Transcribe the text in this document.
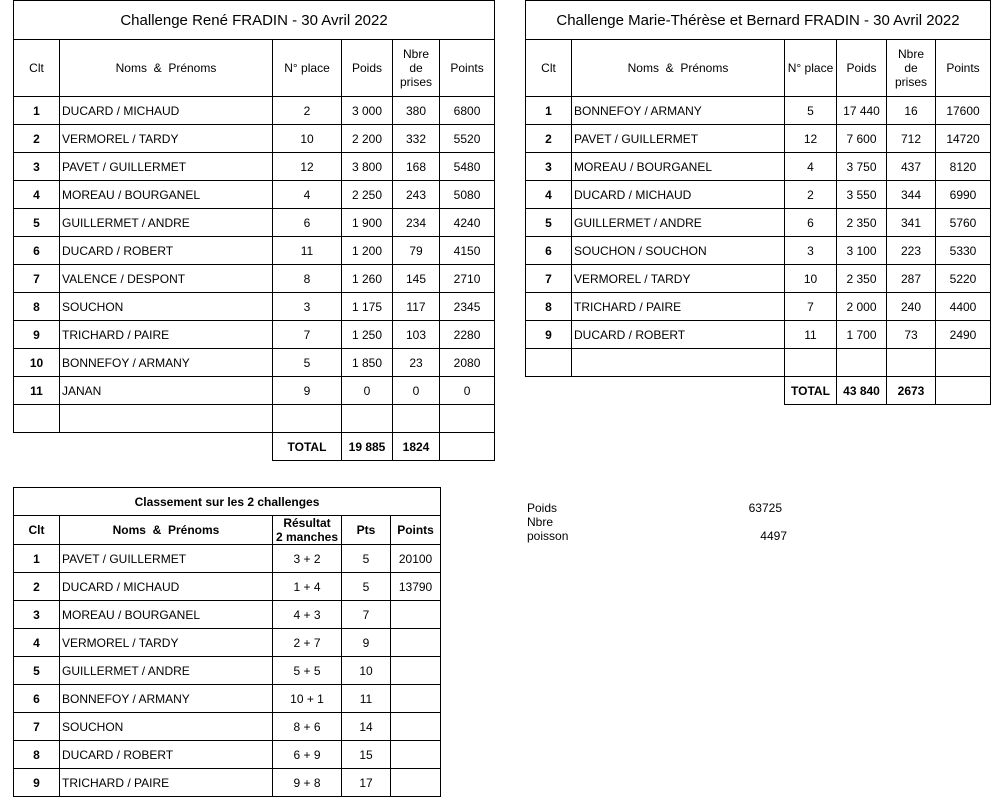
Challenge René FRADIN - 30 Avril 2022					
Clt	Noms  &  Prénoms	N° place	Poids	Nbre
de
prises	Points
1	DUCARD / MICHAUD	2	3 000	380	6800
2	VERMOREL / TARDY	10	2 200	332	5520
3	PAVET / GUILLERMET	12	3 800	168	5480
4	MOREAU / BOURGANEL	4	2 250	243	5080
5	GUILLERMET / ANDRE	6	1 900	234	4240
6	DUCARD / ROBERT	11	1 200	79	4150
7	VALENCE / DESPONT	8	1 260	145	2710
8	SOUCHON	3	1 175	117	2345
9	TRICHARD / PAIRE	7	1 250	103	2280
10	BONNEFOY / ARMANY	5	1 850	23	2080
11	JANAN	9	0	0	0

		TOTAL	19 885	1824	
Challenge Marie-Thérèse et Bernard FRADIN - 30 Avril 2022					
Clt	Noms  &  Prénoms	N° place	Poids	Nbre
de
prises	Points
1	BONNEFOY / ARMANY	5	17 440	16	17600
2	PAVET / GUILLERMET	12	7 600	712	14720
3	MOREAU / BOURGANEL	4	3 750	437	8120
4	DUCARD / MICHAUD	2	3 550	344	6990
5	GUILLERMET / ANDRE	6	2 350	341	5760
6	SOUCHON / SOUCHON	3	3 100	223	5330
7	VERMOREL / TARDY	10	2 350	287	5220
8	TRICHARD / PAIRE	7	2 000	240	4400
9	DUCARD / ROBERT	11	1 700	73	2490

		TOTAL	43 840	2673	
Classement sur les 2 challenges				
Clt	Noms  &  Prénoms	Résultat
2 manches	Pts	Points
1	PAVET / GUILLERMET	3 + 2	5	20100
2	DUCARD / MICHAUD	1 + 4	5	13790
3	MOREAU / BOURGANEL	4 + 3	7	
4	VERMOREL / TARDY	2 + 7	9	
5	GUILLERMET / ANDRE	5 + 5	10	
6	BONNEFOY / ARMANY	10 + 1	11	
7	SOUCHON	8 + 6	14	
8	DUCARD / ROBERT	6 + 9	15	
9	TRICHARD / PAIRE	9 + 8	17	
Poids	63725
Nbre
poisson	4497
